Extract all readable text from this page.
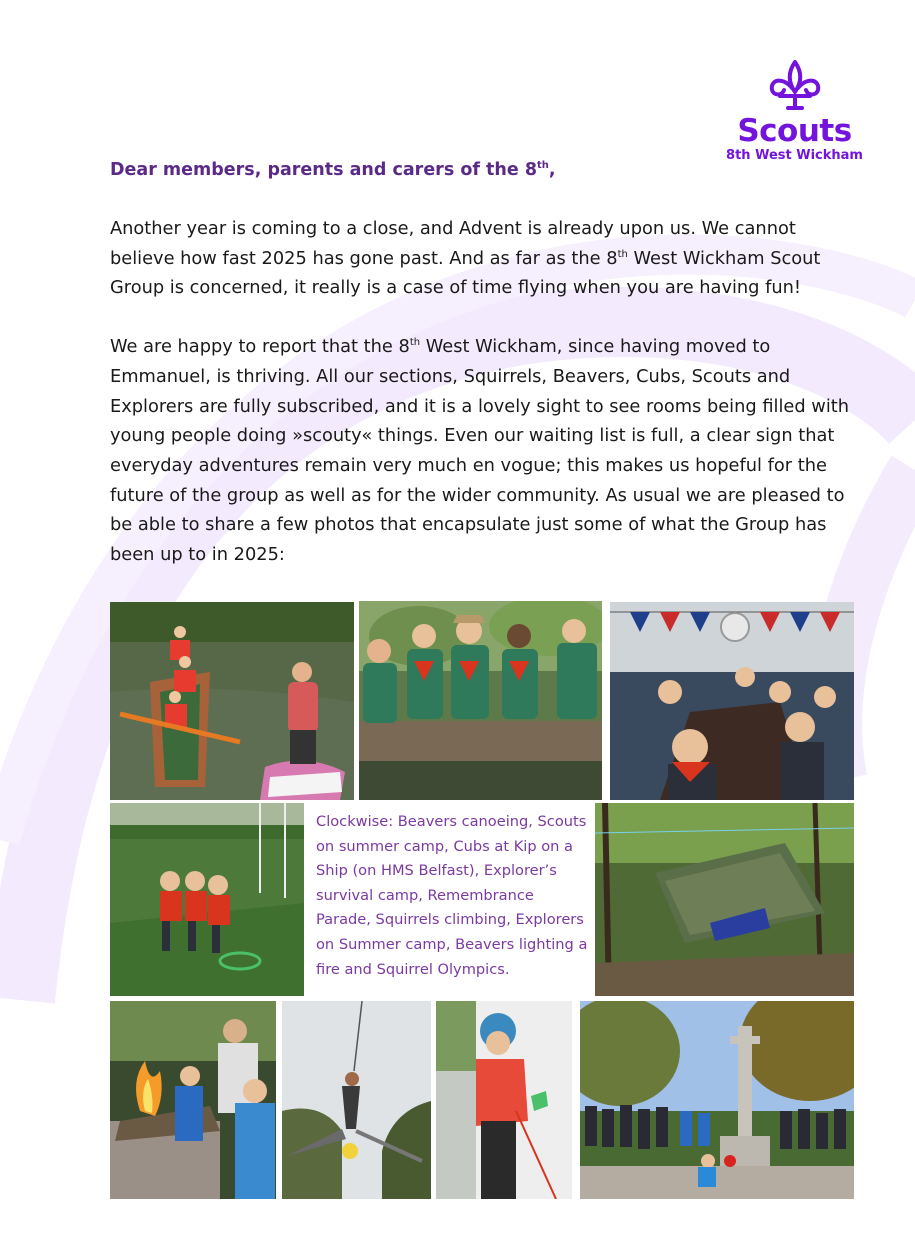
Scouts
8th West Wickham

Dear members, parents and carers of the 8th,

Another year is coming to a close, and Advent is already upon us. We cannot believe how fast 2025 has gone past. And as far as the 8th West Wickham Scout Group is concerned, it really is a case of time flying when you are having fun!

We are happy to report that the 8th West Wickham, since having moved to Emmanuel, is thriving. All our sections, Squirrels, Beavers, Cubs, Scouts and Explorers are fully subscribed, and it is a lovely sight to see rooms being filled with young people doing »scouty« things. Even our waiting list is full, a clear sign that everyday adventures remain very much en vogue; this makes us hopeful for the future of the group as well as for the wider community. As usual we are pleased to be able to share a few photos that encapsulate just some of what the Group has been up to in 2025:

Clockwise: Beavers canoeing, Scouts on summer camp, Cubs at Kip on a Ship (on HMS Belfast), Explorer’s survival camp, Remembrance Parade, Squirrels climbing, Explorers on Summer camp, Beavers lighting a fire and Squirrel Olympics.
